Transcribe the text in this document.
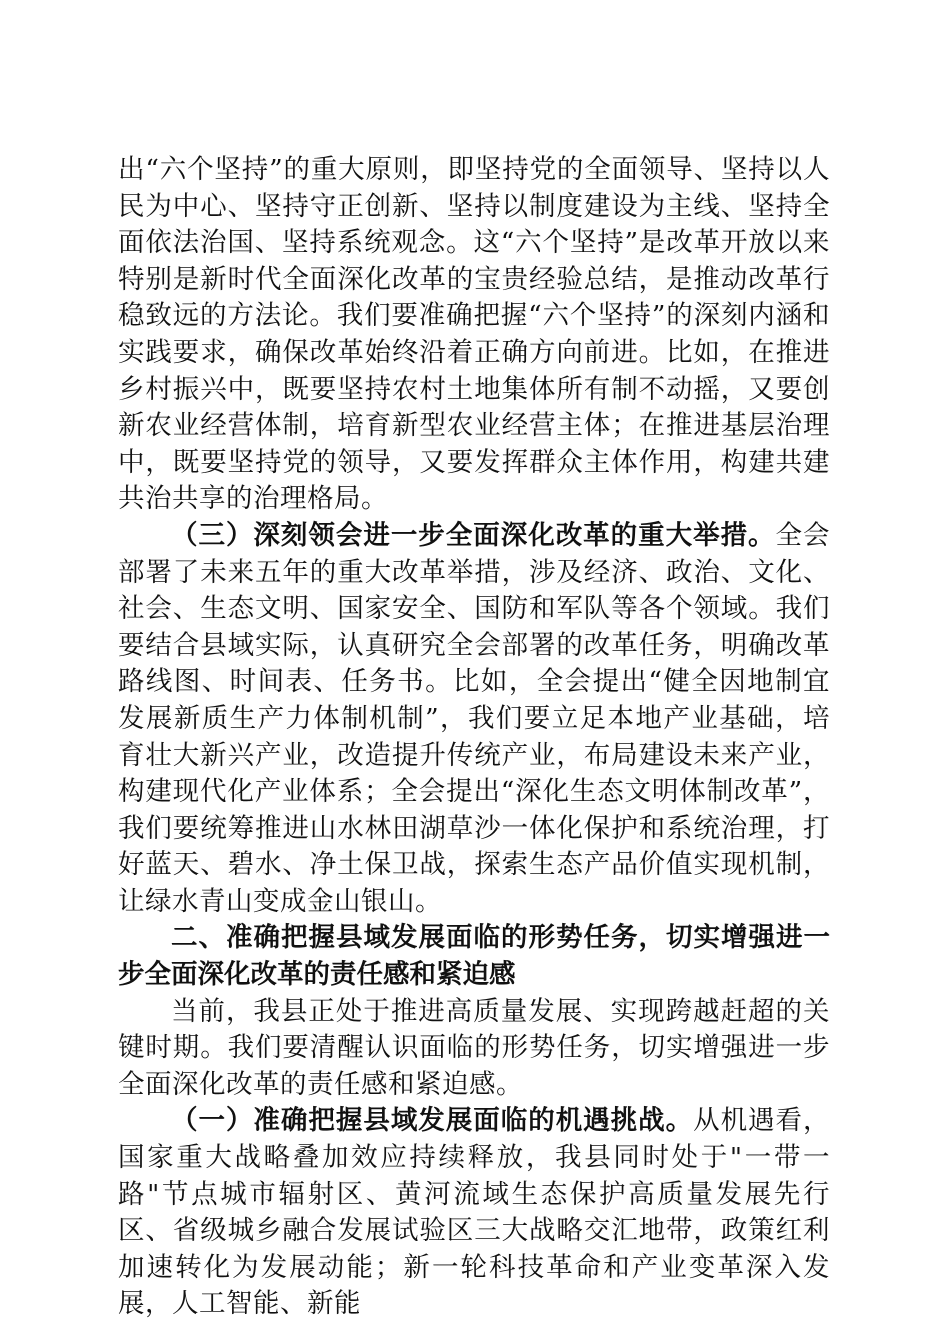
出“六个坚持”的重大原则，即坚持党的全面领导、坚持以人民为中心、坚持守正创新、坚持以制度建设为主线、坚持全面依法治国、坚持系统观念。这“六个坚持”是改革开放以来特别是新时代全面深化改革的宝贵经验总结，是推动改革行稳致远的方法论。我们要准确把握“六个坚持”的深刻内涵和实践要求，确保改革始终沿着正确方向前进。比如，在推进乡村振兴中，既要坚持农村土地集体所有制不动摇，又要创新农业经营体制，培育新型农业经营主体；在推进基层治理中，既要坚持党的领导，又要发挥群众主体作用，构建共建共治共享的治理格局。

（三）深刻领会进一步全面深化改革的重大举措。全会部署了未来五年的重大改革举措，涉及经济、政治、文化、社会、生态文明、国家安全、国防和军队等各个领域。我们要结合县域实际，认真研究全会部署的改革任务，明确改革路线图、时间表、任务书。比如，全会提出“健全因地制宜发展新质生产力体制机制”，我们要立足本地产业基础，培育壮大新兴产业，改造提升传统产业，布局建设未来产业，构建现代化产业体系；全会提出“深化生态文明体制改革”，我们要统筹推进山水林田湖草沙一体化保护和系统治理，打好蓝天、碧水、净土保卫战，探索生态产品价值实现机制，让绿水青山变成金山银山。

二、准确把握县域发展面临的形势任务，切实增强进一步全面深化改革的责任感和紧迫感

当前，我县正处于推进高质量发展、实现跨越赶超的关键时期。我们要清醒认识面临的形势任务，切实增强进一步全面深化改革的责任感和紧迫感。

（一）准确把握县域发展面临的机遇挑战。从机遇看，国家重大战略叠加效应持续释放，我县同时处于"一带一路"节点城市辐射区、黄河流域生态保护高质量发展先行区、省级城乡融合发展试验区三大战略交汇地带，政策红利加速转化为发展动能；新一轮科技革命和产业变革深入发展，人工智能、新能
